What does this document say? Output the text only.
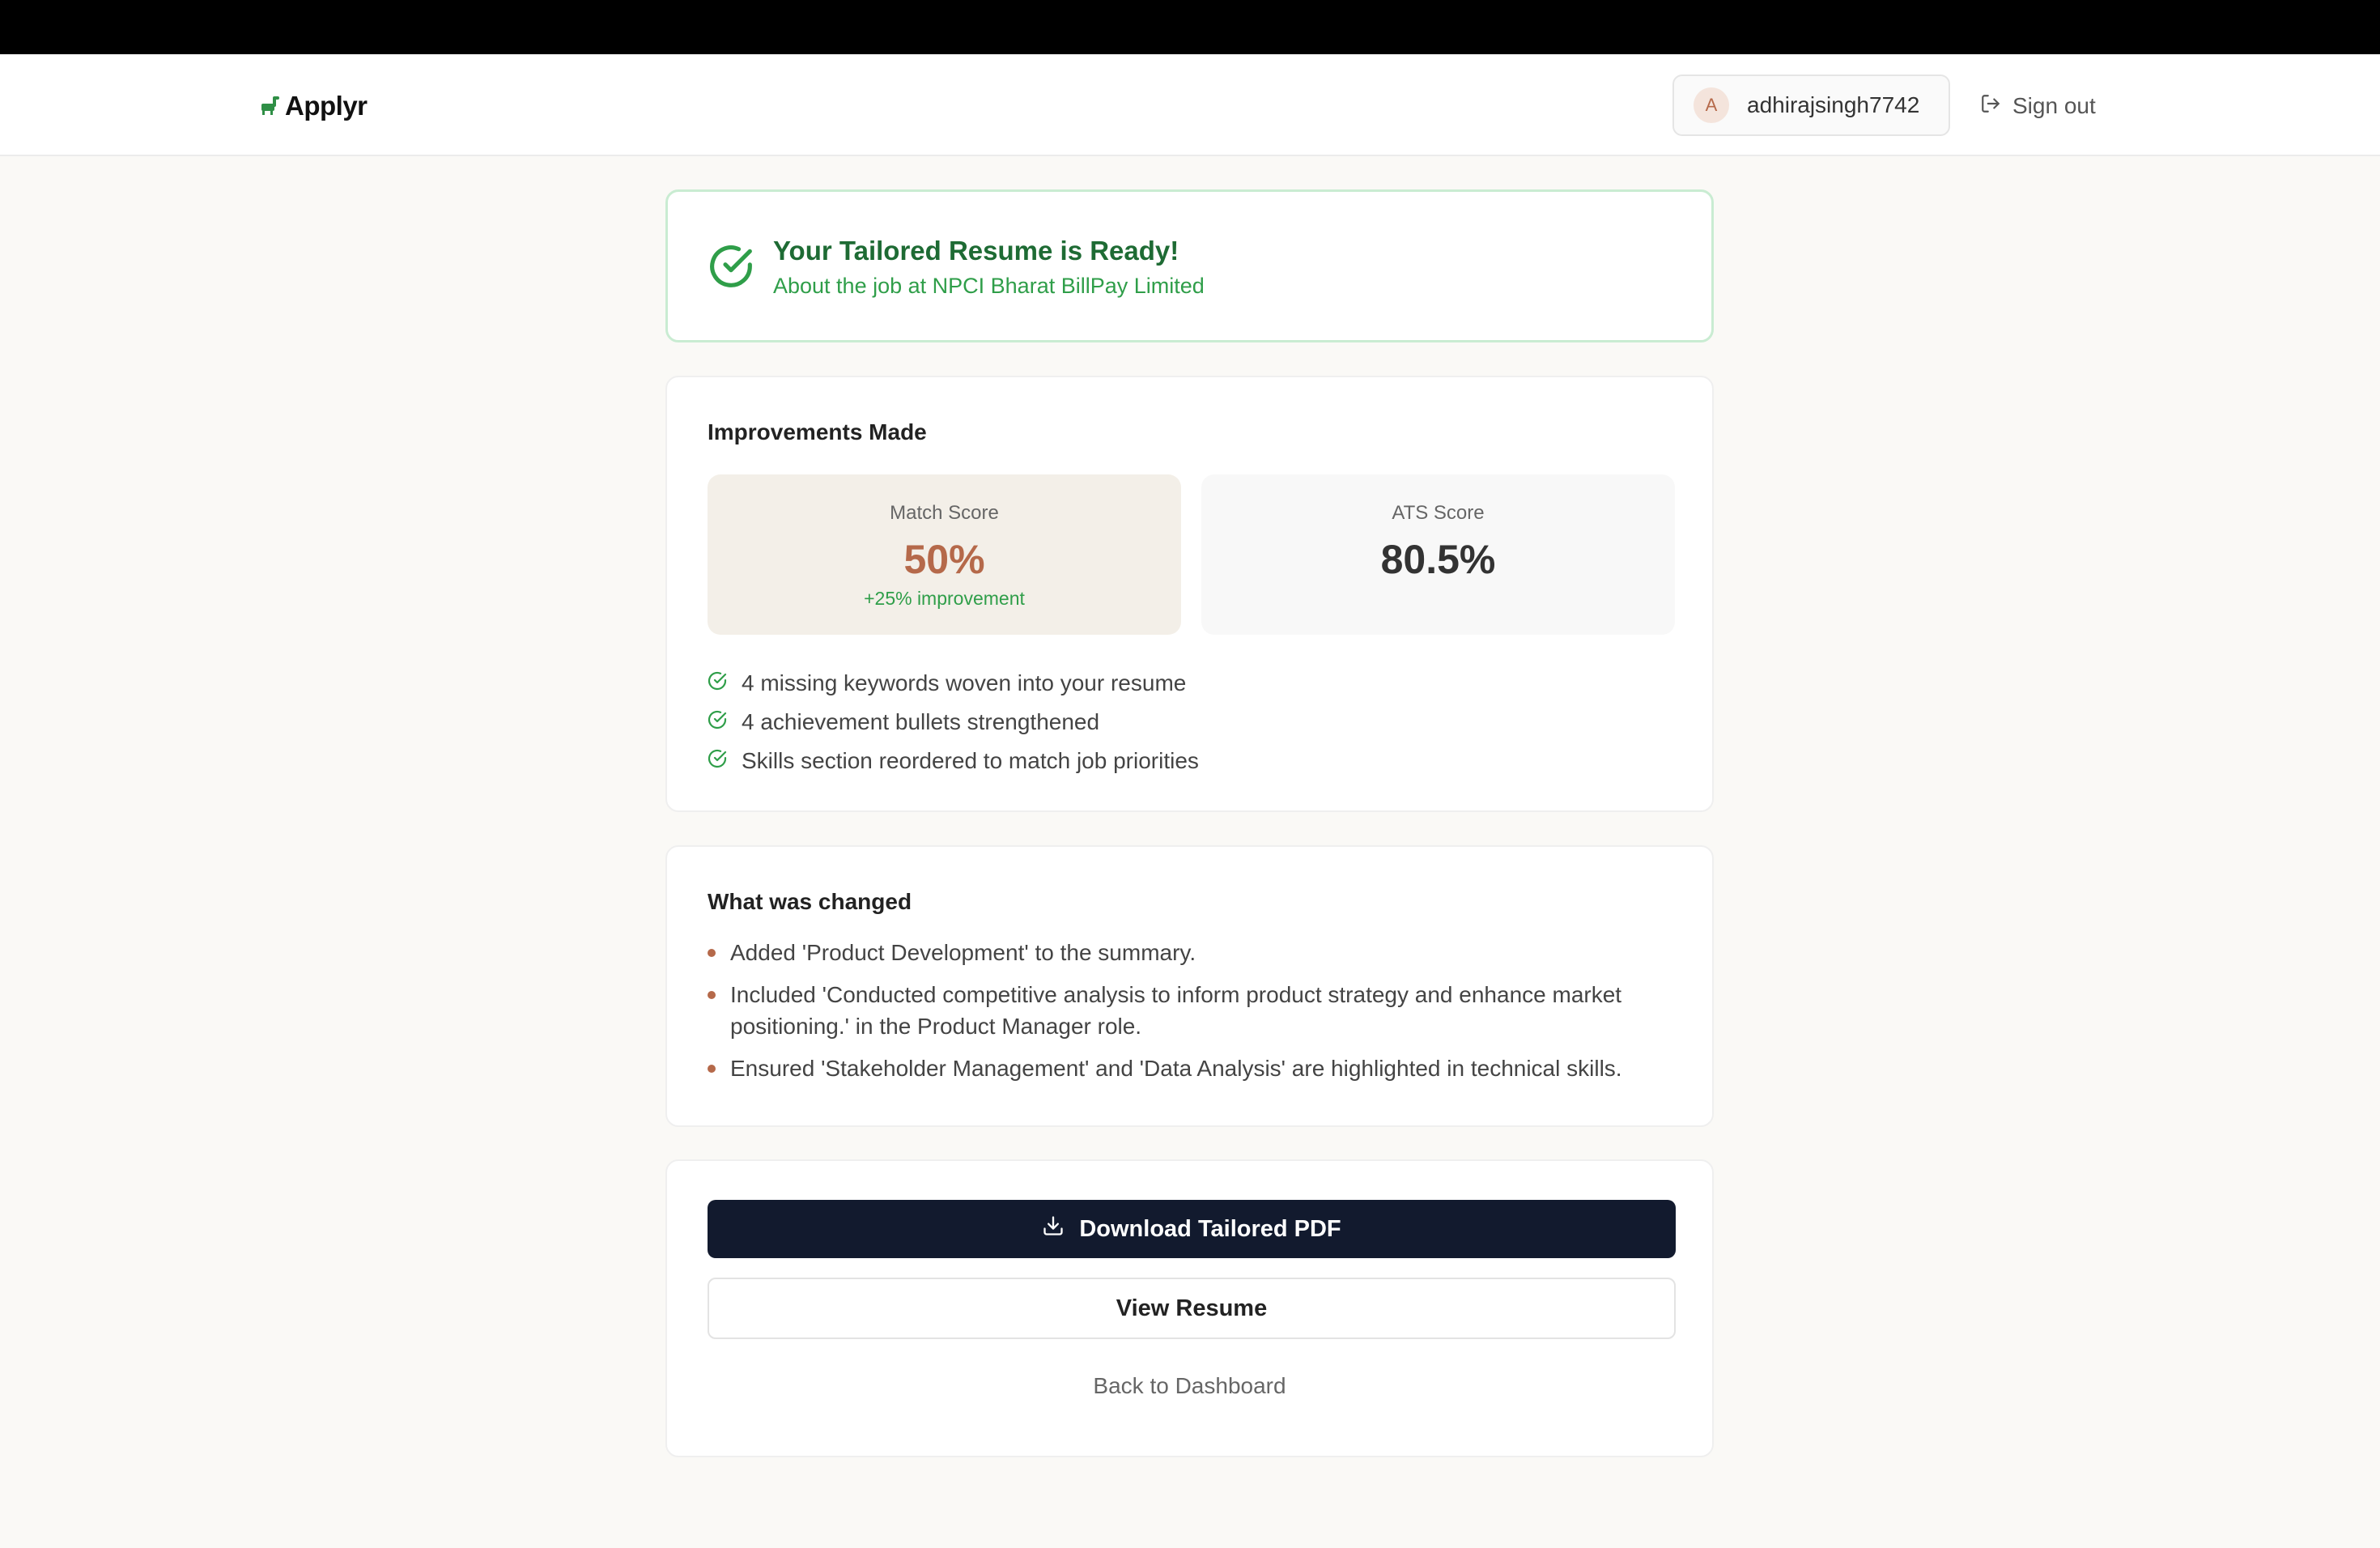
Applyr	A	adhirajsingh7742	Sign out
Your Tailored Resume is Ready!
About the job at NPCI Bharat BillPay Limited
Improvements Made
Match Score
50%
+25% improvement
ATS Score
80.5%
4 missing keywords woven into your resume
4 achievement bullets strengthened
Skills section reordered to match job priorities
What was changed
Added 'Product Development' to the summary.
Included 'Conducted competitive analysis to inform product strategy and enhance market positioning.' in the Product Manager role.
Ensured 'Stakeholder Management' and 'Data Analysis' are highlighted in technical skills.
Download Tailored PDF
View Resume
Back to Dashboard
